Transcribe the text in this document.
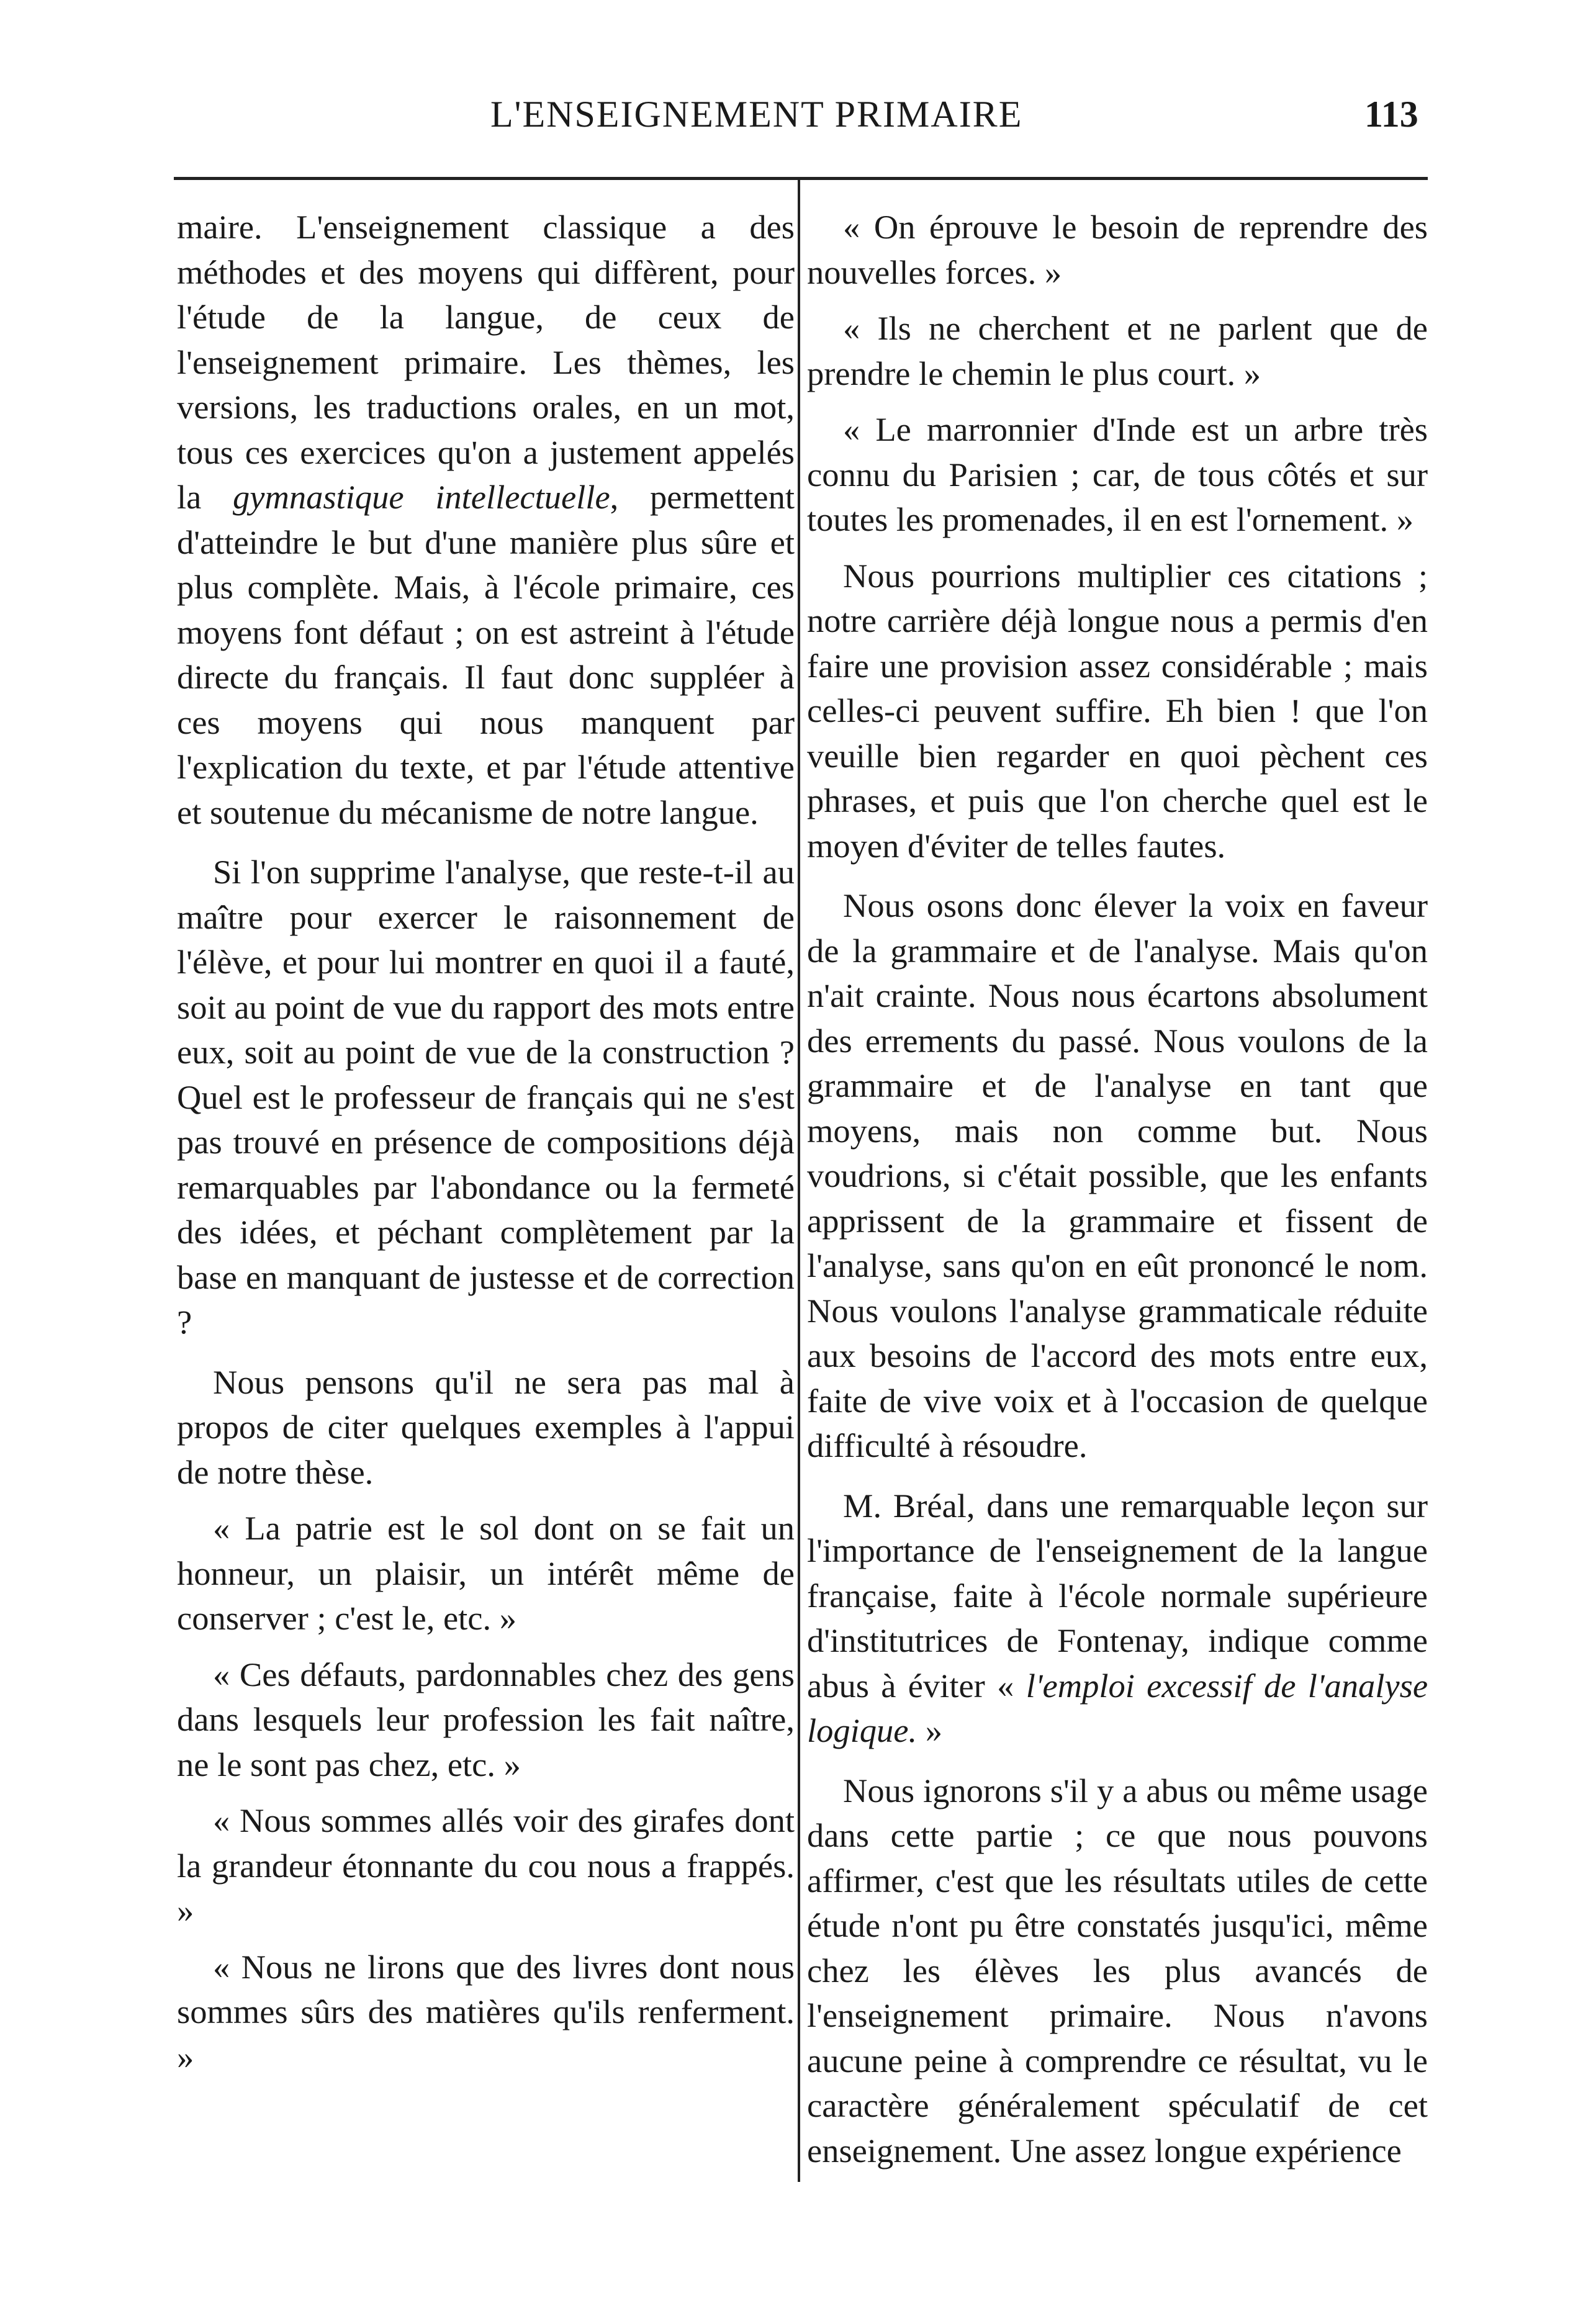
L'ENSEIGNEMENT PRIMAIRE	113

maire. L'enseignement classique a des méthodes et des moyens qui diffèrent, pour l'étude de la langue, de ceux de l'enseignement primaire. Les thèmes, les versions, les traductions orales, en un mot, tous ces exercices qu'on a justement appelés la gymnastique intellectuelle, permettent d'atteindre le but d'une manière plus sûre et plus complète. Mais, à l'école primaire, ces moyens font défaut ; on est astreint à l'étude directe du français. Il faut donc suppléer à ces moyens qui nous manquent par l'explication du texte, et par l'étude attentive et soutenue du mécanisme de notre langue.

Si l'on supprime l'analyse, que reste-t-il au maître pour exercer le raisonnement de l'élève, et pour lui montrer en quoi il a fauté, soit au point de vue du rapport des mots entre eux, soit au point de vue de la construction ? Quel est le professeur de français qui ne s'est pas trouvé en présence de compositions déjà remarquables par l'abondance ou la fermeté des idées, et péchant complètement par la base en manquant de justesse et de correction ?

Nous pensons qu'il ne sera pas mal à propos de citer quelques exemples à l'appui de notre thèse.

« La patrie est le sol dont on se fait un honneur, un plaisir, un intérêt même de conserver ; c'est le, etc. »

« Ces défauts, pardonnables chez des gens dans lesquels leur profession les fait naître, ne le sont pas chez, etc. »

« Nous sommes allés voir des girafes dont la grandeur étonnante du cou nous a frappés. »

« Nous ne lirons que des livres dont nous sommes sûrs des matières qu'ils renferment. »

« On éprouve le besoin de reprendre des nouvelles forces. »

« Ils ne cherchent et ne parlent que de prendre le chemin le plus court. »

« Le marronnier d'Inde est un arbre très connu du Parisien ; car, de tous côtés et sur toutes les promenades, il en est l'ornement. »

Nous pourrions multiplier ces citations ; notre carrière déjà longue nous a permis d'en faire une provision assez considérable ; mais celles-ci peuvent suffire. Eh bien ! que l'on veuille bien regarder en quoi pèchent ces phrases, et puis que l'on cherche quel est le moyen d'éviter de telles fautes.

Nous osons donc élever la voix en faveur de la grammaire et de l'analyse. Mais qu'on n'ait crainte. Nous nous écartons absolument des errements du passé. Nous voulons de la grammaire et de l'analyse en tant que moyens, mais non comme but. Nous voudrions, si c'était possible, que les enfants apprissent de la grammaire et fissent de l'analyse, sans qu'on en eût prononcé le nom. Nous voulons l'analyse grammaticale réduite aux besoins de l'accord des mots entre eux, faite de vive voix et à l'occasion de quelque difficulté à résoudre.

M. Bréal, dans une remarquable leçon sur l'importance de l'enseignement de la langue française, faite à l'école normale supérieure d'institutrices de Fontenay, indique comme abus à éviter « l'emploi excessif de l'analyse logique. »

Nous ignorons s'il y a abus ou même usage dans cette partie ; ce que nous pouvons affirmer, c'est que les résultats utiles de cette étude n'ont pu être constatés jusqu'ici, même chez les élèves les plus avancés de l'enseignement primaire. Nous n'avons aucune peine à comprendre ce résultat, vu le caractère généralement spéculatif de cet enseignement. Une assez longue expérience
